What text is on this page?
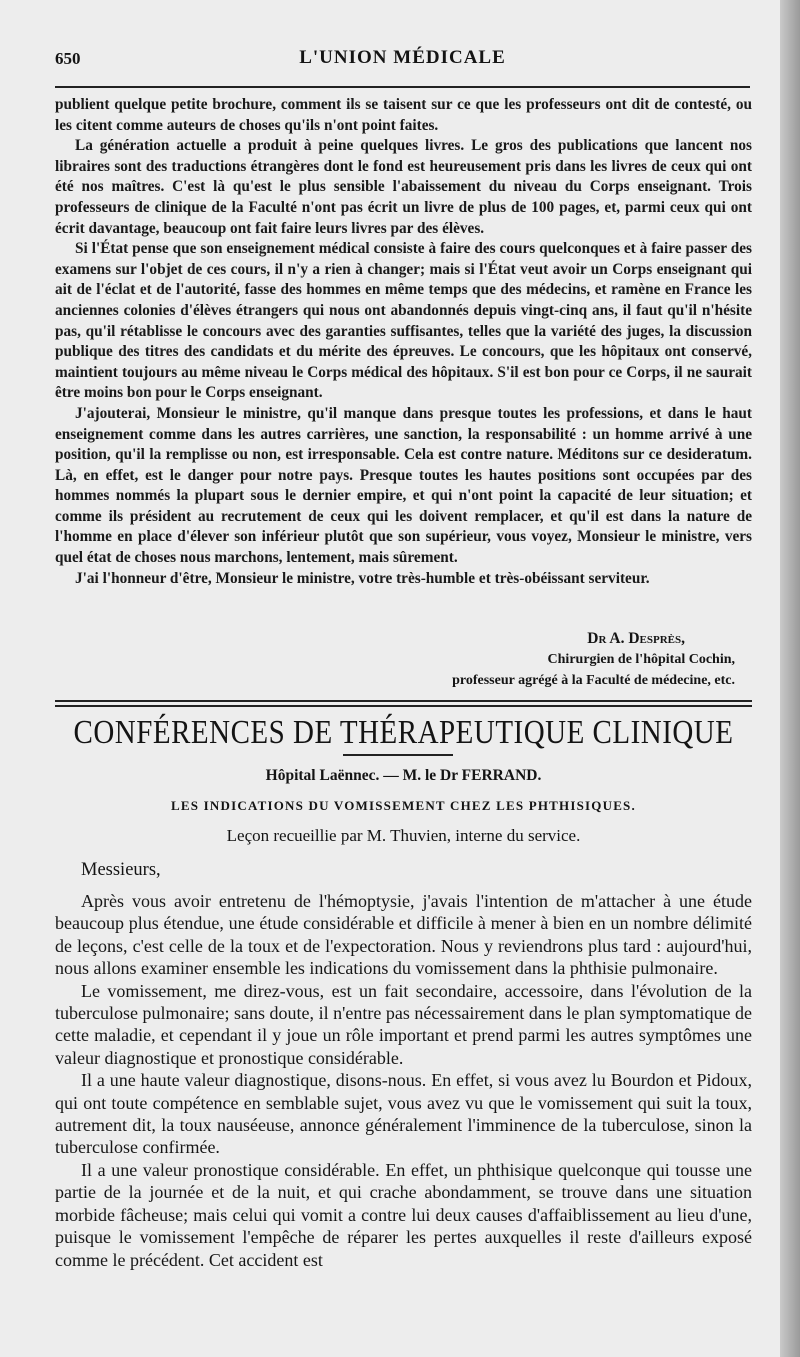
650	L'UNION MÉDICALE

publient quelque petite brochure, comment ils se taisent sur ce que les professeurs ont dit de contesté, ou les citent comme auteurs de choses qu'ils n'ont point faites.

La génération actuelle a produit à peine quelques livres. Le gros des publications que lancent nos libraires sont des traductions étrangères dont le fond est heureusement pris dans les livres de ceux qui ont été nos maîtres. C'est là qu'est le plus sensible l'abaissement du niveau du Corps enseignant. Trois professeurs de clinique de la Faculté n'ont pas écrit un livre de plus de 100 pages, et, parmi ceux qui ont écrit davantage, beaucoup ont fait faire leurs livres par des élèves.

Si l'État pense que son enseignement médical consiste à faire des cours quelconques et à faire passer des examens sur l'objet de ces cours, il n'y a rien à changer; mais si l'État veut avoir un Corps enseignant qui ait de l'éclat et de l'autorité, fasse des hommes en même temps que des médecins, et ramène en France les anciennes colonies d'élèves étrangers qui nous ont abandonnés depuis vingt-cinq ans, il faut qu'il n'hésite pas, qu'il rétablisse le concours avec des garanties suffisantes, telles que la variété des juges, la discussion publique des titres des candidats et du mérite des épreuves. Le concours, que les hôpitaux ont conservé, maintient toujours au même niveau le Corps médical des hôpitaux. S'il est bon pour ce Corps, il ne saurait être moins bon pour le Corps enseignant.

J'ajouterai, Monsieur le ministre, qu'il manque dans presque toutes les professions, et dans le haut enseignement comme dans les autres carrières, une sanction, la responsabilité : un homme arrivé à une position, qu'il la remplisse ou non, est irresponsable. Cela est contre nature. Méditons sur ce desideratum. Là, en effet, est le danger pour notre pays. Presque toutes les hautes positions sont occupées par des hommes nommés la plupart sous le dernier empire, et qui n'ont point la capacité de leur situation; et comme ils président au recrutement de ceux qui les doivent remplacer, et qu'il est dans la nature de l'homme en place d'élever son inférieur plutôt que son supérieur, vous voyez, Monsieur le ministre, vers quel état de choses nous marchons, lentement, mais sûrement.

J'ai l'honneur d'être, Monsieur le ministre, votre très-humble et très-obéissant serviteur.

Dr A. Desprès,
Chirurgien de l'hôpital Cochin,
professeur agrégé à la Faculté de médecine, etc.
CONFÉRENCES DE THÉRAPEUTIQUE CLINIQUE
Hôpital Laënnec. — M. le Dr FERRAND.
LES INDICATIONS DU VOMISSEMENT CHEZ LES PHTHISIQUES.
Leçon recueillie par M. Thuvien, interne du service.
Messieurs,

Après vous avoir entretenu de l'hémoptysie, j'avais l'intention de m'attacher à une étude beaucoup plus étendue, une étude considérable et difficile à mener à bien en un nombre délimité de leçons, c'est celle de la toux et de l'expectoration. Nous y reviendrons plus tard : aujourd'hui, nous allons examiner ensemble les indications du vomissement dans la phthisie pulmonaire.

Le vomissement, me direz-vous, est un fait secondaire, accessoire, dans l'évolution de la tuberculose pulmonaire; sans doute, il n'entre pas nécessairement dans le plan symptomatique de cette maladie, et cependant il y joue un rôle important et prend parmi les autres symptômes une valeur diagnostique et pronostique considérable.

Il a une haute valeur diagnostique, disons-nous. En effet, si vous avez lu Bourdon et Pidoux, qui ont toute compétence en semblable sujet, vous avez vu que le vomissement qui suit la toux, autrement dit, la toux nauséeuse, annonce généralement l'imminence de la tuberculose, sinon la tuberculose confirmée.

Il a une valeur pronostique considérable. En effet, un phthisique quelconque qui tousse une partie de la journée et de la nuit, et qui crache abondamment, se trouve dans une situation morbide fâcheuse; mais celui qui vomit a contre lui deux causes d'affaiblissement au lieu d'une, puisque le vomissement l'empêche de réparer les pertes auxquelles il reste d'ailleurs exposé comme le précédent. Cet accident est
